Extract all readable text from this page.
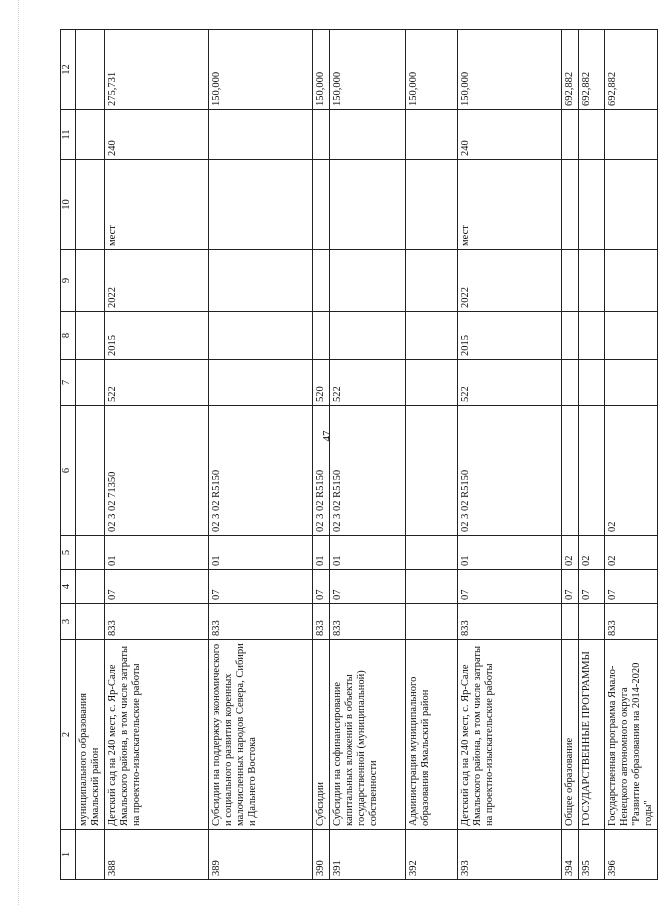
47
1	2	3	4	5	6	7	8	9	10	11	12
	муниципального образования Ямальский район										
388	Детский сад на 240 мест, с. Яр-Сале Ямальского района, в том числе затраты на проектно-изыскательские работы	833	07	01	02 3 02 71350	522	2015	2022	мест	240	275,731
389	Субсидии на поддержку экономического и социального развития коренных малочисленных народов Севера, Сибири и Дальнего Востока	833	07	01	02 3 02 R5150						150,000
390	Субсидии	833	07	01	02 3 02 R5150	520					150,000
391	Субсидии на софинансирование капитальных вложений в объекты государственной (муниципальной) собственности	833	07	01	02 3 02 R5150	522					150,000
392	Администрация муниципального образования Ямальский район										150,000
393	Детский сад на 240 мест, с. Яр-Сале Ямальского района, в том числе затраты на проектно-изыскательские работы	833	07	01	02 3 02 R5150	522	2015	2022	мест	240	150,000
394	Общее образование		07	02							692,882
395	ГОСУДАРСТВЕННЫЕ ПРОГРАММЫ		07	02							692,882
396	Государственная программа Ямало-Ненецкого автономного округа "Развитие образования на 2014-2020 годы"	833	07	02	02						692,882
